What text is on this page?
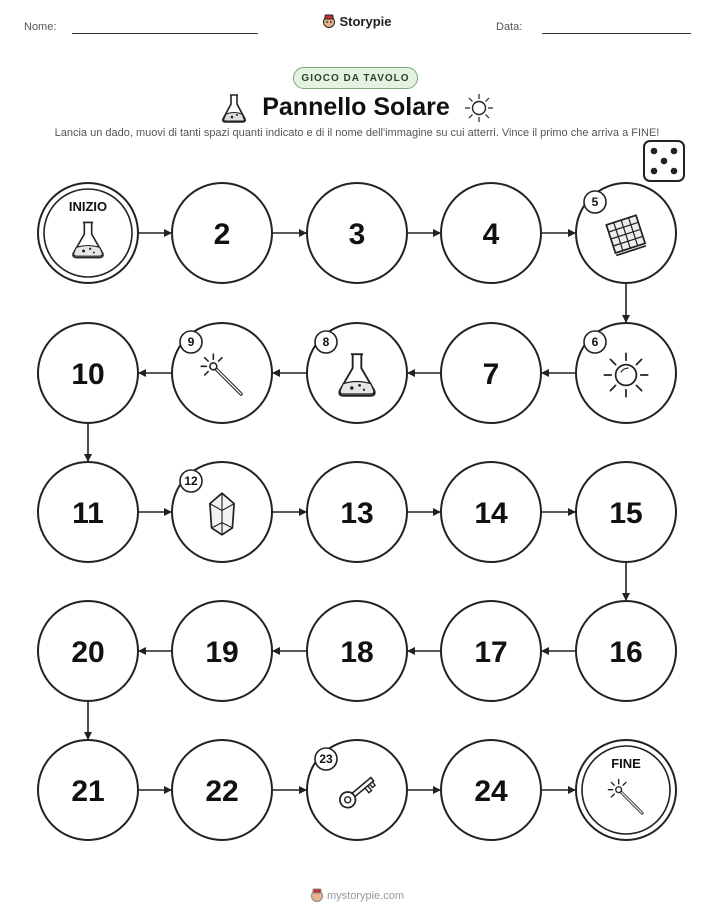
Nome:	Storypie	Data:
GIOCO DA TAVOLO
Pannello Solare
Lancia un dado, muovi di tanti spazi quanti indicato e di il nome dell'immagine su cui atterri. Vince il primo che arriva a FINE!
INIZIO
2	3	4
5
6
7
8
9
10
11
12
13	14	15
16
17
18
19
20
21	22
23
24
FINE
mystorypie.com
